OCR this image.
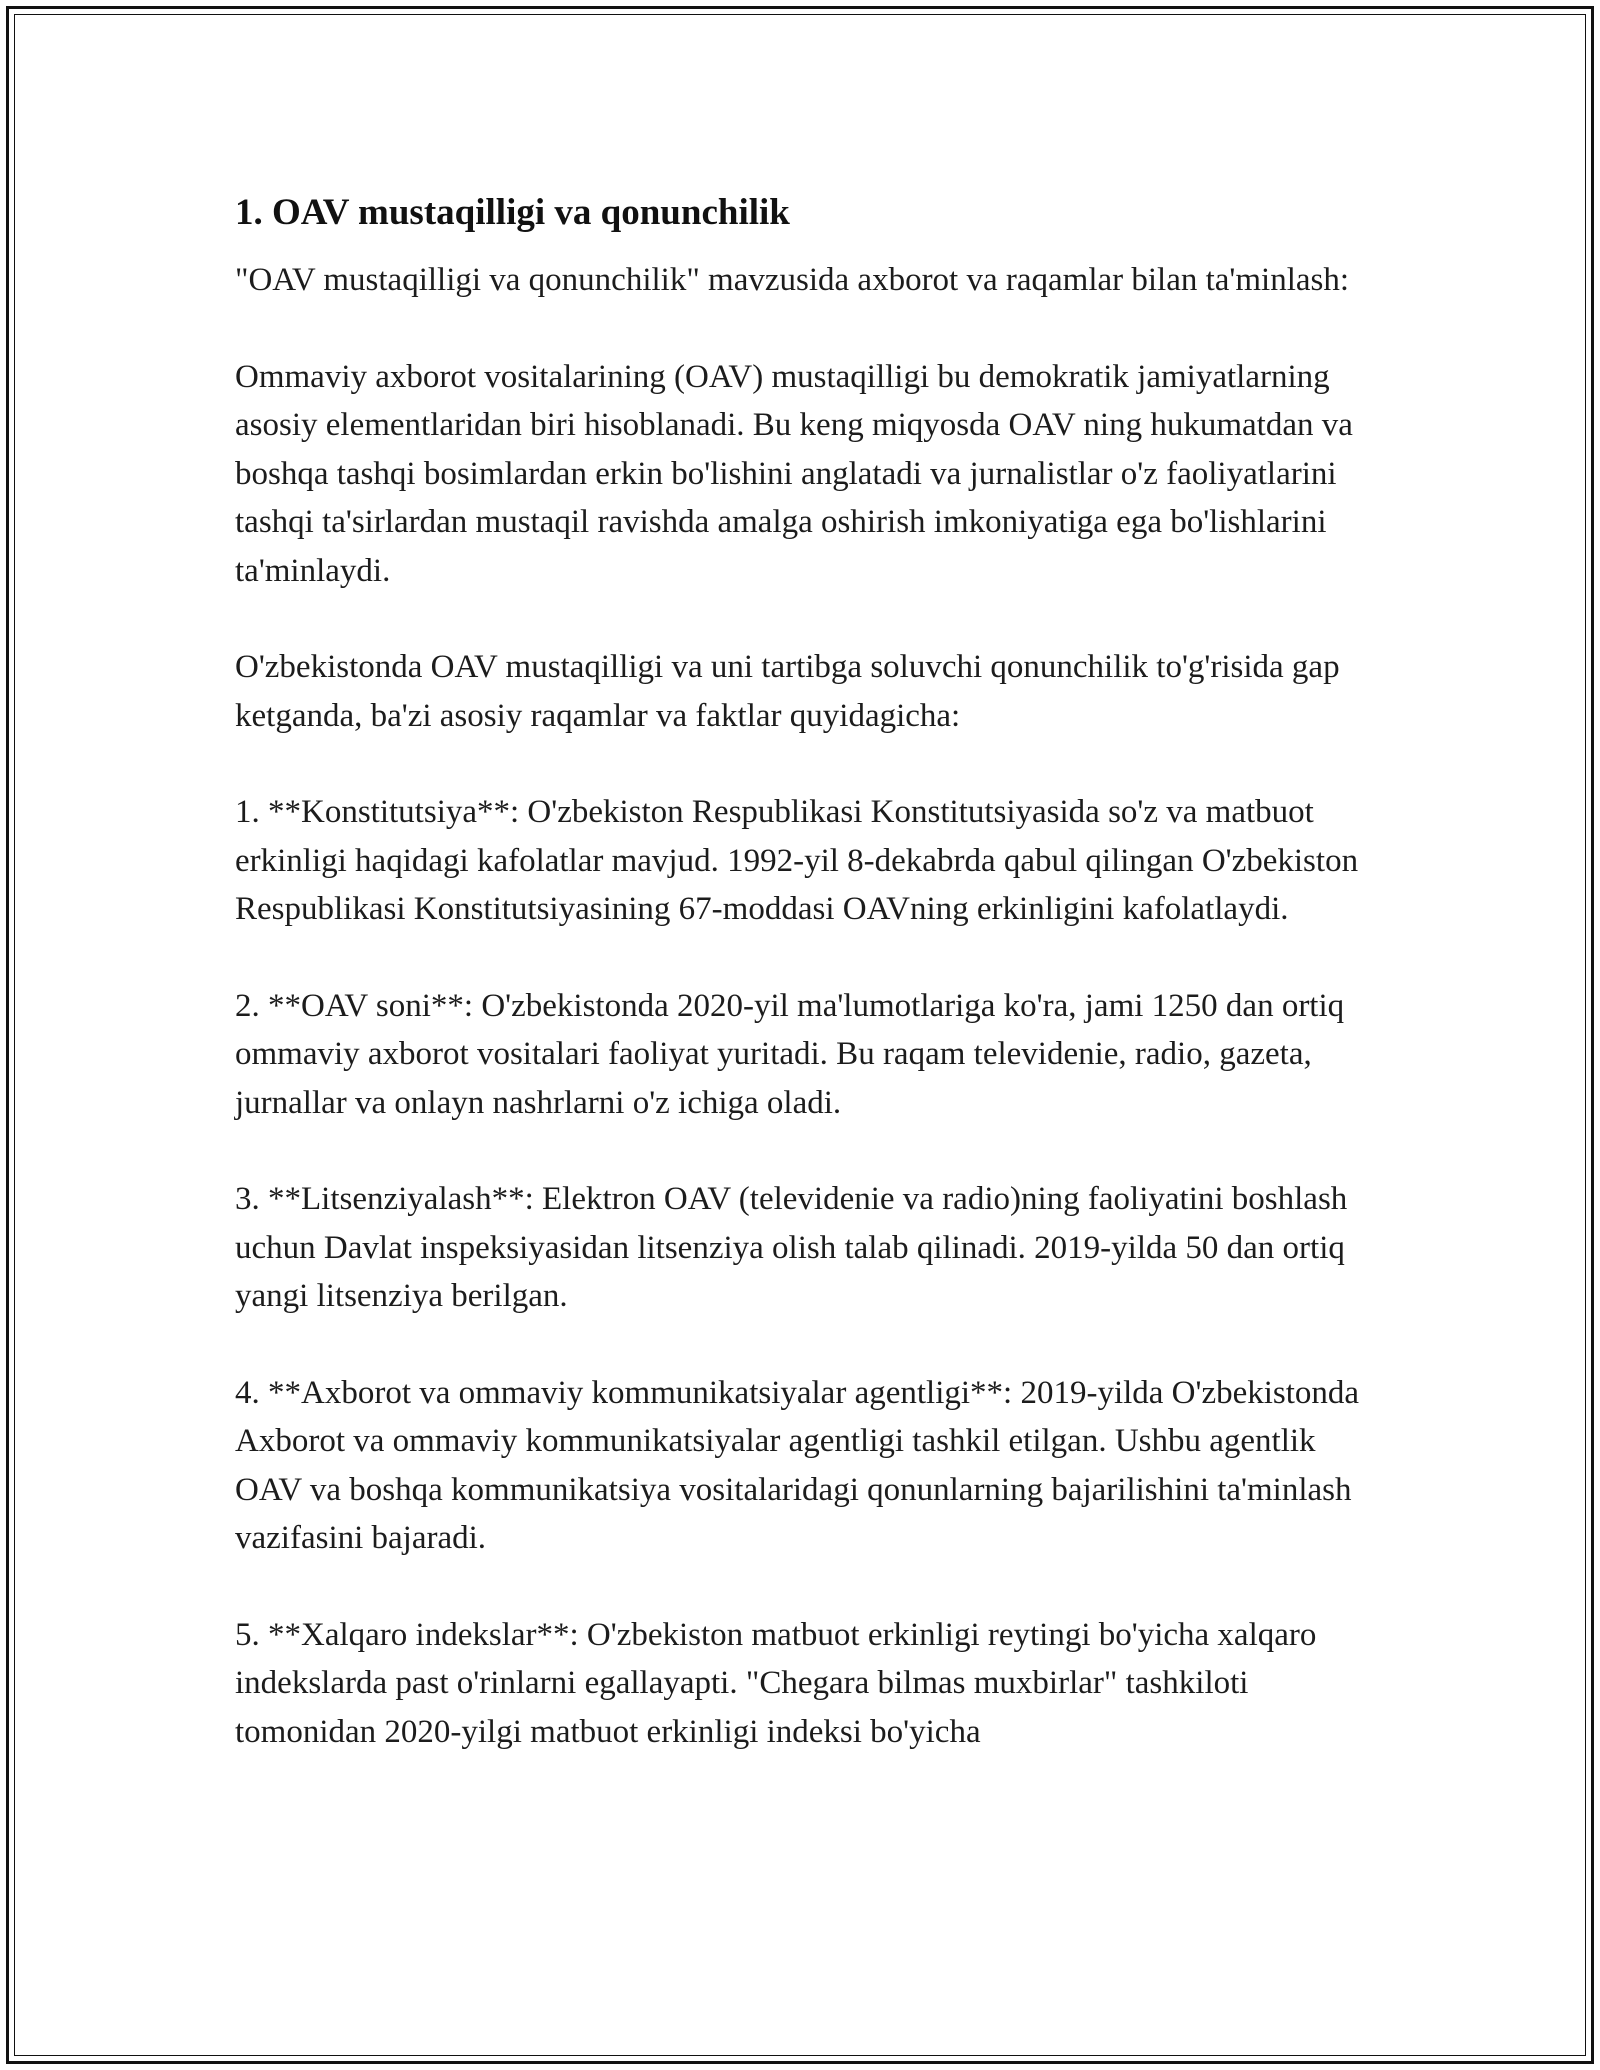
1. OAV mustaqilligi va qonunchilik

"OAV mustaqilligi va qonunchilik" mavzusida axborot va raqamlar bilan ta'minlash:

Ommaviy axborot vositalarining (OAV) mustaqilligi bu demokratik jamiyatlarning asosiy elementlaridan biri hisoblanadi. Bu keng miqyosda OAV ning hukumatdan va boshqa tashqi bosimlardan erkin bo'lishini anglatadi va jurnalistlar o'z faoliyatlarini tashqi ta'sirlardan mustaqil ravishda amalga oshirish imkoniyatiga ega bo'lishlarini ta'minlaydi.

O'zbekistonda OAV mustaqilligi va uni tartibga soluvchi qonunchilik to'g'risida gap ketganda, ba'zi asosiy raqamlar va faktlar quyidagicha:

1. **Konstitutsiya**: O'zbekiston Respublikasi Konstitutsiyasida so'z va matbuot erkinligi haqidagi kafolatlar mavjud. 1992-yil 8-dekabrda qabul qilingan O'zbekiston Respublikasi Konstitutsiyasining 67-moddasi OAVning erkinligini kafolatlaydi.

2. **OAV soni**: O'zbekistonda 2020-yil ma'lumotlariga ko'ra, jami 1250 dan ortiq ommaviy axborot vositalari faoliyat yuritadi. Bu raqam televidenie, radio, gazeta, jurnallar va onlayn nashrlarni o'z ichiga oladi.

3. **Litsenziyalash**: Elektron OAV (televidenie va radio)ning faoliyatini boshlash uchun Davlat inspeksiyasidan litsenziya olish talab qilinadi. 2019-yilda 50 dan ortiq yangi litsenziya berilgan.

4. **Axborot va ommaviy kommunikatsiyalar agentligi**: 2019-yilda O'zbekistonda Axborot va ommaviy kommunikatsiyalar agentligi tashkil etilgan. Ushbu agentlik OAV va boshqa kommunikatsiya vositalaridagi qonunlarning bajarilishini ta'minlash vazifasini bajaradi.

5. **Xalqaro indekslar**: O'zbekiston matbuot erkinligi reytingi bo'yicha xalqaro indekslarda past o'rinlarni egallayapti. "Chegara bilmas muxbirlar" tashkiloti tomonidan 2020-yilgi matbuot erkinligi indeksi bo'yicha
